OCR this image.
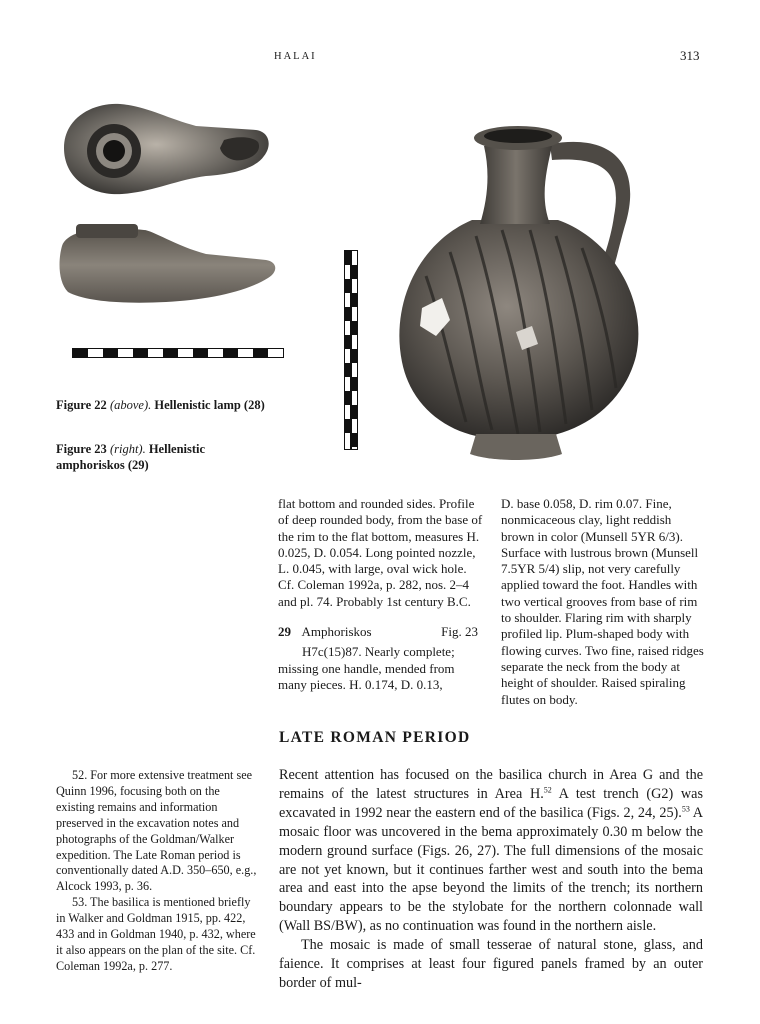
HALAI	313
Figure 22 (above). Hellenistic lamp (28)
Figure 23 (right). Hellenistic amphoriskos (29)

flat bottom and rounded sides. Profile of deep rounded body, from the base of the rim to the flat bottom, measures H. 0.025, D. 0.054. Long pointed nozzle, L. 0.045, with large, oval wick hole. Cf. Coleman 1992a, p. 282, nos. 2–4 and pl. 74. Probably 1st century B.C.

29 Amphoriskos	Fig. 23

H7c(15)87. Nearly complete; missing one handle, mended from many pieces. H. 0.174, D. 0.13,

D. base 0.058, D. rim 0.07. Fine, nonmicaceous clay, light reddish brown in color (Munsell 5YR 6/3). Surface with lustrous brown (Munsell 7.5YR 5/4) slip, not very carefully applied toward the foot. Handles with two vertical grooves from base of rim to shoulder. Flaring rim with sharply profiled lip. Plum-shaped body with flowing curves. Two fine, raised ridges separate the neck from the body at height of shoulder. Raised spiraling flutes on body.

LATE ROMAN PERIOD

52. For more extensive treatment see Quinn 1996, focusing both on the existing remains and information preserved in the excavation notes and photographs of the Goldman/Walker expedition. The Late Roman period is conventionally dated A.D. 350–650, e.g., Alcock 1993, p. 36.

53. The basilica is mentioned briefly in Walker and Goldman 1915, pp. 422, 433 and in Goldman 1940, p. 432, where it also appears on the plan of the site. Cf. Coleman 1992a, p. 277.

Recent attention has focused on the basilica church in Area G and the remains of the latest structures in Area H.$^{52}$ A test trench (G2) was excavated in 1992 near the eastern end of the basilica (Figs. 2, 24, 25).$^{53}$ A mosaic floor was uncovered in the bema approximately 0.30 m below the modern ground surface (Figs. 26, 27). The full dimensions of the mosaic are not yet known, but it continues farther west and south into the bema area and east into the apse beyond the limits of the trench; its northern boundary appears to be the stylobate for the northern colonnade wall (Wall BS/BW), as no continuation was found in the northern aisle.

The mosaic is made of small tesserae of natural stone, glass, and faience. It comprises at least four figured panels framed by an outer border of mul-
